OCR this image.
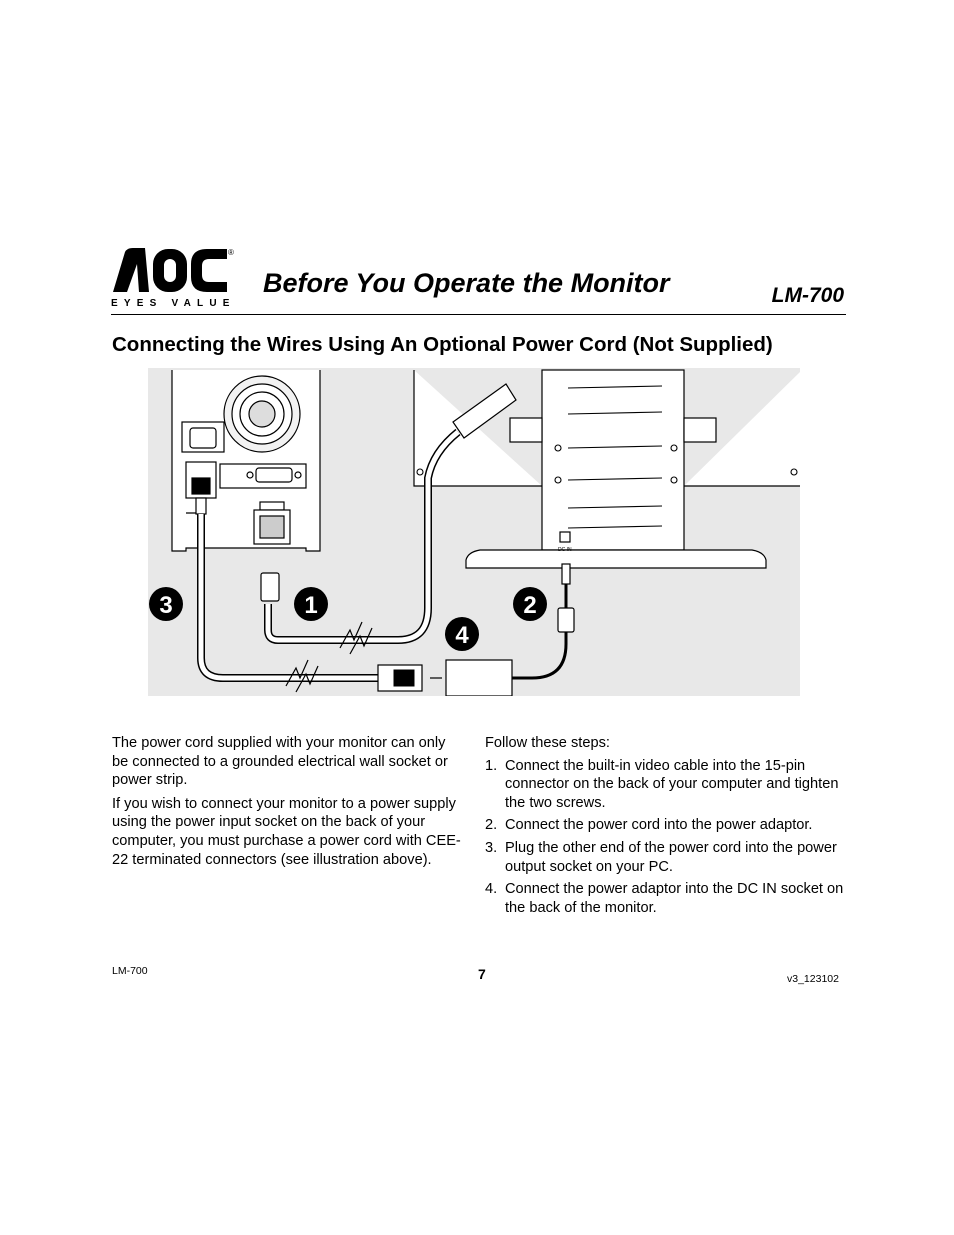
®
EYES VALUE
Before You Operate the Monitor	LM-700
Connecting the Wires Using An Optional Power Cord (Not Supplied)
DC IN
3	1	2
4

The power cord supplied with your monitor can only be connected to a grounded electrical wall socket or power strip.

If you wish to connect your monitor to a power supply using the power input socket on the back of your computer, you must purchase a power cord with CEE-22 terminated connectors (see illustration above).

Follow these steps:

1. Connect the built-in video cable into the 15-pin connector on the back of your computer and tighten the two screws.
2. Connect the power cord into the power adaptor.
3. Plug the other end of the power cord into the power output socket on your PC.
4. Connect the power adaptor into the DC IN socket on the back of the monitor.
LM-700	7	v3_123102
